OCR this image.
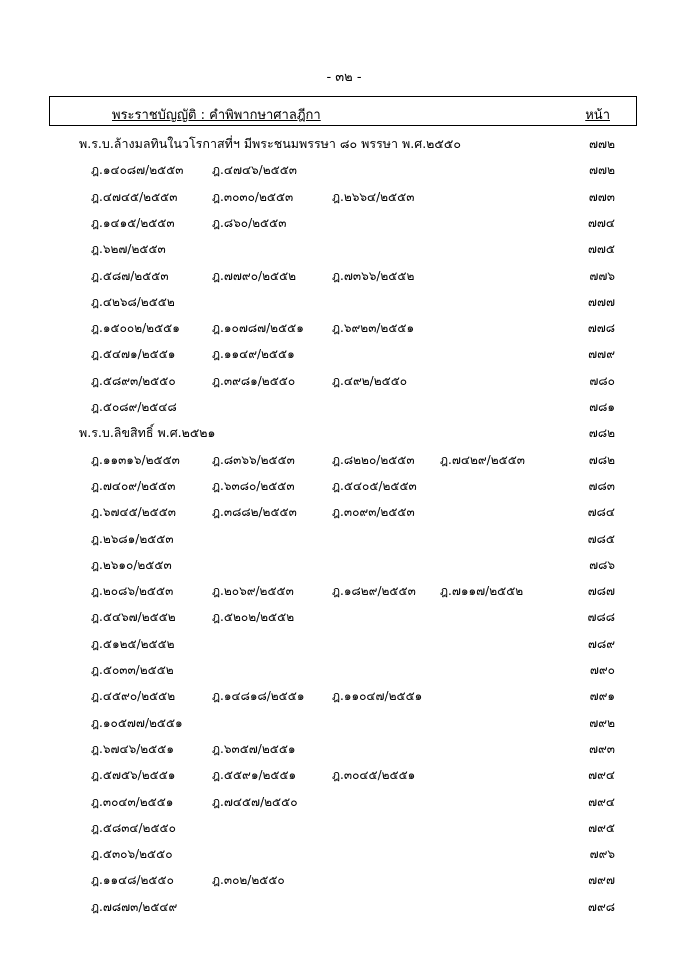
- ๓๒ -
พระราชบัญญัติ : คำพิพากษาศาลฎีกา	หน้า
พ.ร.บ.ล้างมลทินในวโรกาสที่ฯ มีพระชนมพรรษา ๘๐ พรรษา พ.ศ.๒๕๕๐	๗๗๒
ฎ.๑๔๐๘๗/๒๕๕๓ ฎ.๔๗๔๖/๒๕๕๓	๗๗๒
ฎ.๔๗๔๕/๒๕๕๓	ฎ.๓๐๓๐/๒๕๕๓	ฎ.๒๖๖๔/๒๕๕๓	๗๗๓
ฎ.๑๔๑๕/๒๕๕๓	ฎ.๘๖๐/๒๕๕๓	๗๗๔
ฎ.๖๒๗/๒๕๕๓	๗๗๕
ฎ.๕๘๗/๒๕๕๓	ฎ.๗๗๙๐/๒๕๕๒	ฎ.๗๓๖๖/๒๕๕๒	๗๗๖
ฎ.๔๒๖๘/๒๕๕๒	๗๗๗
ฎ.๑๕๐๐๒/๒๕๕๑	ฎ.๑๐๗๘๗/๒๕๕๑ ฎ.๖๙๒๓/๒๕๕๑	๗๗๘
ฎ.๕๔๗๑/๒๕๕๑	ฎ.๑๑๔๙/๒๕๕๑	๗๗๙
ฎ.๕๘๙๓/๒๕๕๐	ฎ.๓๙๘๑/๒๕๕๐	ฎ.๔๙๒/๒๕๕๐	๗๘๐
ฎ.๕๐๘๙/๒๕๔๘	๗๘๑
พ.ร.บ.ลิขสิทธิ์ พ.ศ.๒๕๒๑	๗๘๒
ฎ.๑๑๓๑๖/๒๕๕๓	ฎ.๘๓๖๖/๒๕๕๓	ฎ.๘๒๒๐/๒๕๕๓ ฎ.๗๔๒๙/๒๕๕๓	๗๘๒
ฎ.๗๔๐๙/๒๕๕๓	ฎ.๖๓๘๐/๒๕๕๓	ฎ.๕๔๐๕/๒๕๕๓	๗๘๓
ฎ.๖๗๔๕/๒๕๕๓	ฎ.๓๘๘๒/๒๕๕๓	ฎ.๓๐๙๓/๒๕๕๓	๗๘๔
ฎ.๒๖๘๑/๒๕๕๓	๗๘๕
ฎ.๒๖๑๐/๒๕๕๓	๗๘๖
ฎ.๒๐๘๖/๒๕๕๓	ฎ.๒๐๖๙/๒๕๕๓	ฎ.๑๘๒๙/๒๕๕๓ ฎ.๗๑๑๗/๒๕๕๒	๗๘๗
ฎ.๕๔๖๗/๒๕๕๒	ฎ.๕๒๐๒/๒๕๕๒	๗๘๘
ฎ.๕๑๒๕/๒๕๕๒	๗๘๙
ฎ.๕๐๓๓/๒๕๕๒	๗๙๐
ฎ.๔๕๙๐/๒๕๕๒	ฎ.๑๔๘๑๘/๒๕๕๑ ฎ.๑๑๐๔๗/๒๕๕๑	๗๙๑
ฎ.๑๐๕๗๗/๒๕๕๑	๗๙๒
ฎ.๖๗๔๖/๒๕๕๑	ฎ.๖๓๕๗/๒๕๕๑	๗๙๓
ฎ.๕๗๕๖/๒๕๕๑	ฎ.๕๕๙๑/๒๕๕๑	ฎ.๓๐๔๕/๒๕๕๑	๗๙๔
ฎ.๓๐๔๓/๒๕๕๑	ฎ.๗๔๕๗/๒๕๕๐	๗๙๔
ฎ.๕๘๓๔/๒๕๕๐	๗๙๕
ฎ.๕๓๐๖/๒๕๕๐	๗๙๖
ฎ.๑๑๔๘/๒๕๕๐	ฎ.๓๐๒/๒๕๕๐	๗๙๗
ฎ.๗๘๗๓/๒๕๔๙	๗๙๘
